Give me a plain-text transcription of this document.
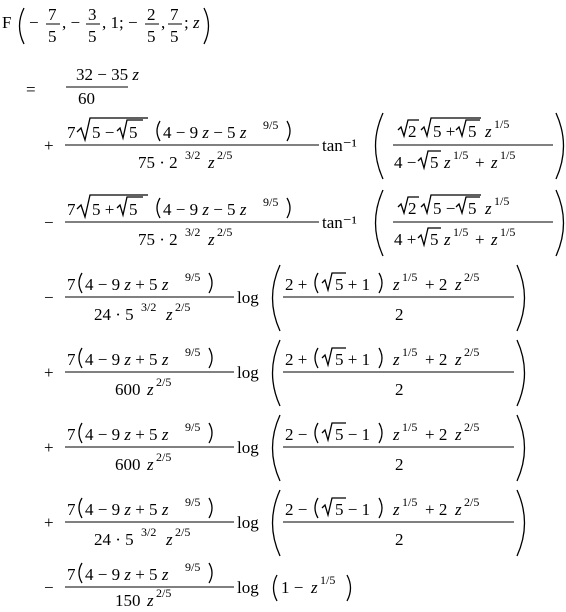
F − 7
5
, − 3
5
, 1; − 2
5
, 7
5
; z
=
32 − 35 z
60
+
7 5 − 5 4 − 9 z − 5 z 9/5
75 · 2 3/2 z 2/5	tan⁻¹
2 5 + 5 z 1/5
4 − 5 z 1/5 + z 1/5
−
7 5 + 5 4 − 9 z − 5 z 9/5
75 · 2 3/2 z 2/5	tan⁻¹
2 5 − 5 z 1/5
4 + 5 z 1/5 + z 1/5
−
7 4 − 9 z + 5 z 9/5
24 · 5 3/2 z 2/5	log
2 + 5 + 1 z 1/5 + 2 z 2/5
2
+
7 4 − 9 z + 5 z 9/5
600 z 2/5	log
2 + 5 + 1 z 1/5 + 2 z 2/5
2
+
7 4 − 9 z + 5 z 9/5
600 z 2/5	log
2 − 5 − 1 z 1/5 + 2 z 2/5
2
+
7 4 − 9 z + 5 z 9/5
24 · 5 3/2 z 2/5	log
2 − 5 − 1 z 1/5 + 2 z 2/5
2
−
7 4 − 9 z + 5 z 9/5
150 z 2/5	log 1 − z 1/5
